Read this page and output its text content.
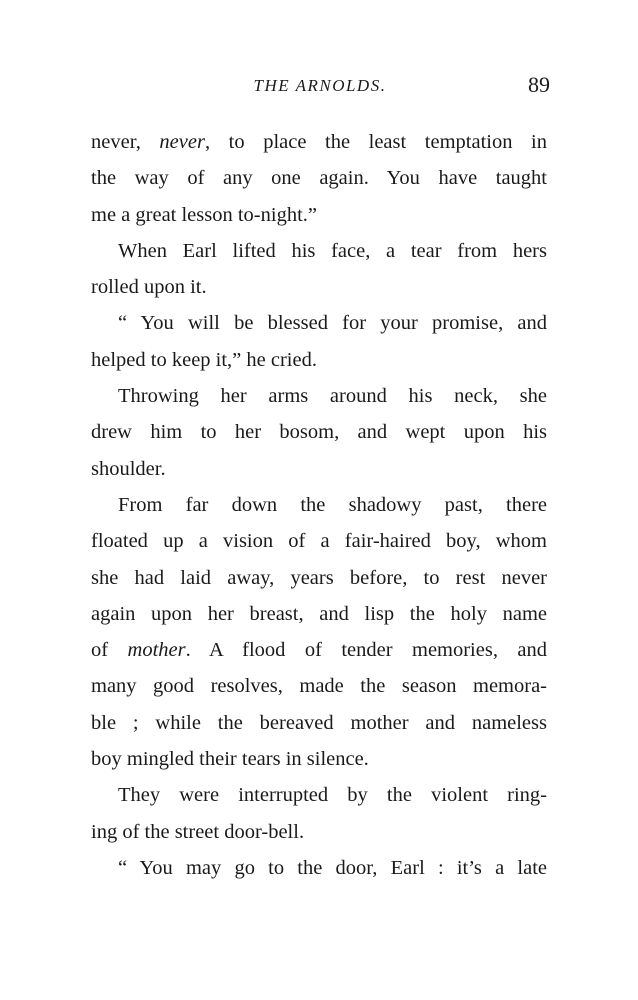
THE ARNOLDS.	89
never, never, to place the least temptation in
the way of any one again. You have taught
me a great lesson to-night.”
When Earl lifted his face, a tear from hers
rolled upon it.
“ You will be blessed for your promise, and
helped to keep it,” he cried.
Throwing her arms around his neck, she
drew him to her bosom, and wept upon his
shoulder.
From far down the shadowy past, there
floated up a vision of a fair-haired boy, whom
she had laid away, years before, to rest never
again upon her breast, and lisp the holy name
of mother. A flood of tender memories, and
many good resolves, made the season memora-
ble ; while the bereaved mother and nameless
boy mingled their tears in silence.
They were interrupted by the violent ring-
ing of the street door-bell.
“ You may go to the door, Earl : it’s a late
